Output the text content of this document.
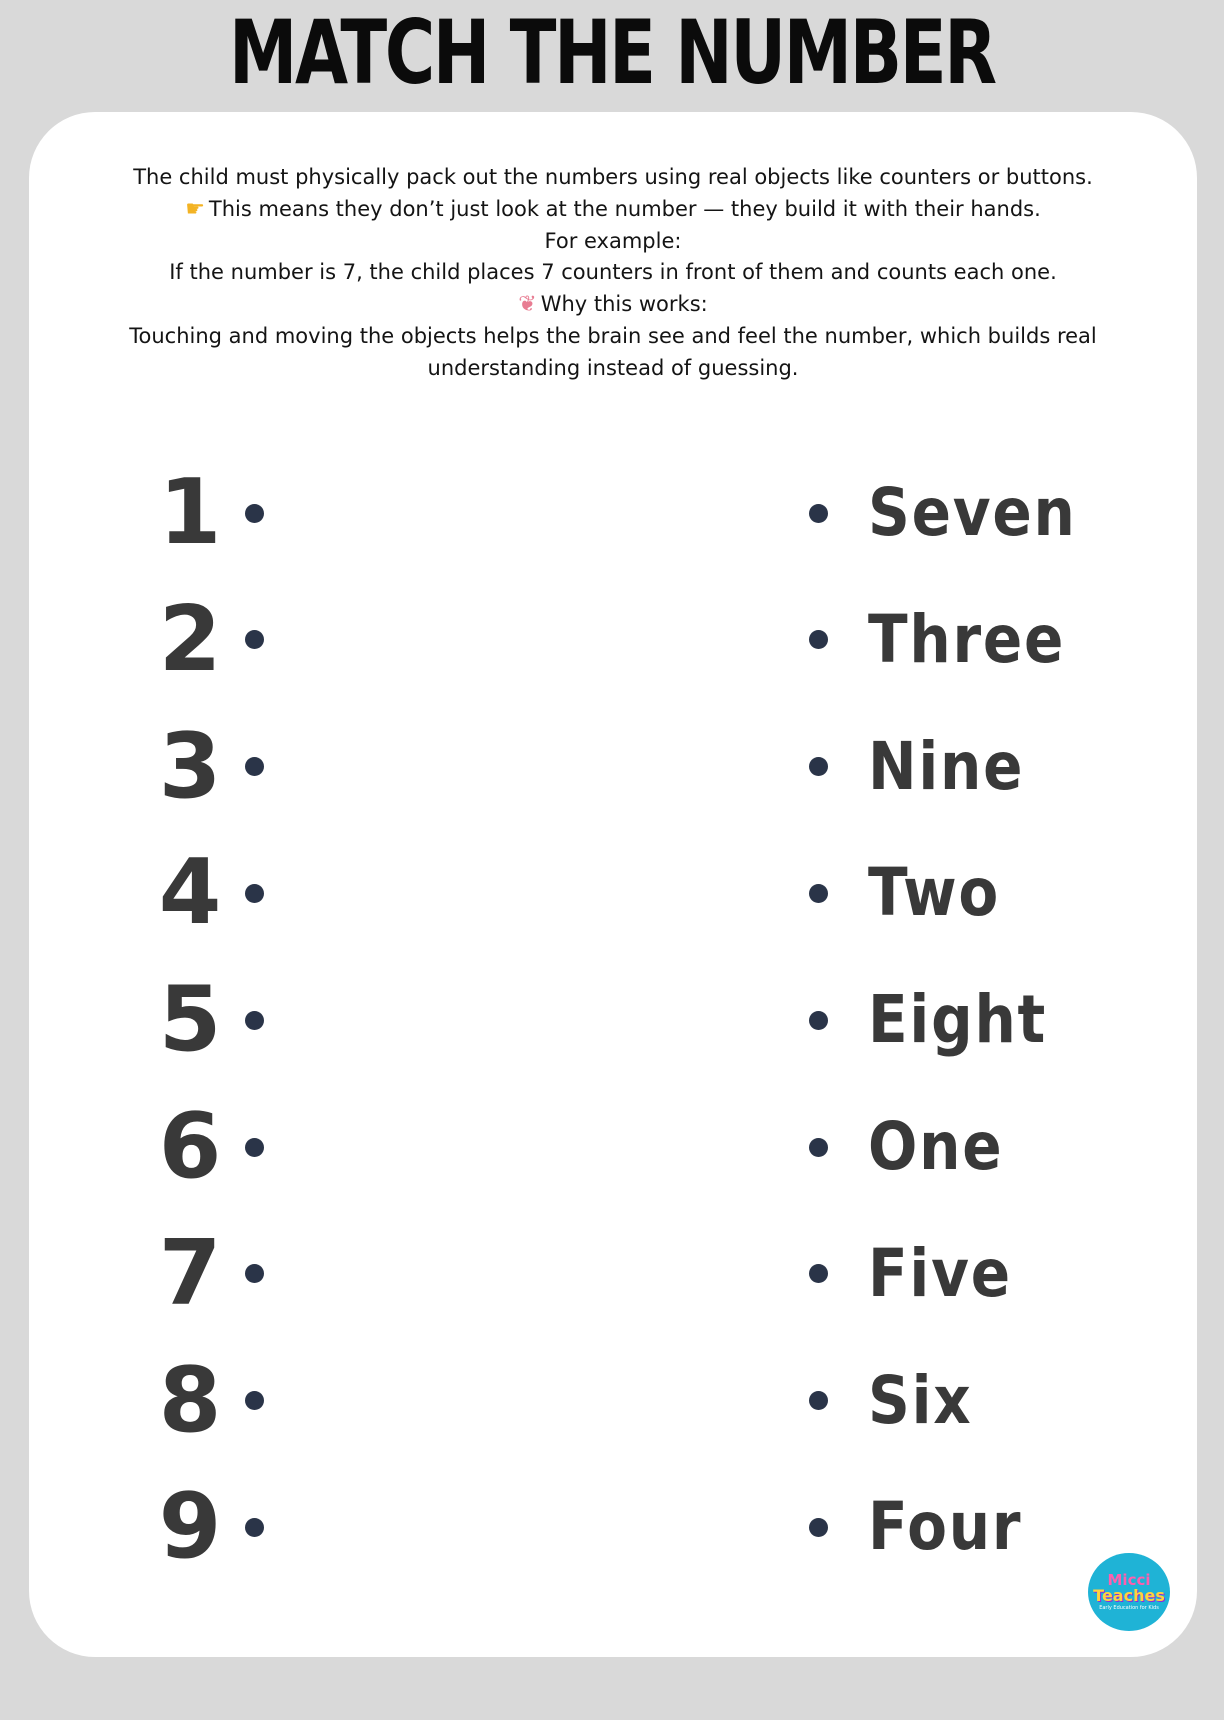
MATCH THE NUMBER
The child must physically pack out the numbers using real objects like counters or buttons.
☛ This means they don’t just look at the number — they build it with their hands.
For example:
If the number is 7, the child places 7 counters in front of them and counts each one.
❦ Why this works:
Touching and moving the objects helps the brain see and feel the number, which builds real understanding instead of guessing.
1
2
3
4
5
6
7
8
9
Seven
Three
Nine
Two
Eight
One
Five
Six
Four
Micci
Teaches
Early Education for Kids
